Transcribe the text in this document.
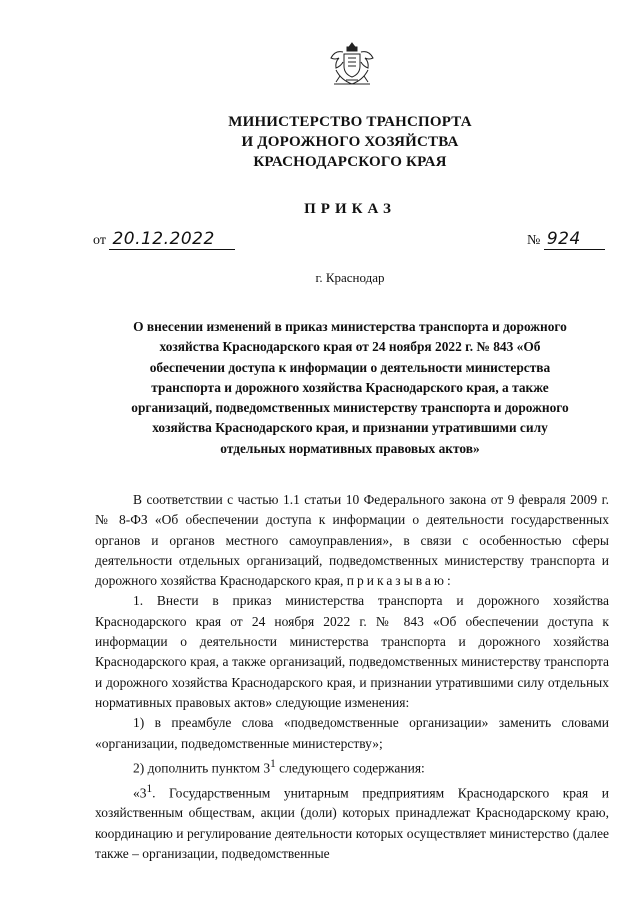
МИНИСТЕРСТВО ТРАНСПОРТА
И ДОРОЖНОГО ХОЗЯЙСТВА
КРАСНОДАРСКОГО КРАЯ
ПРИКАЗ
от 20.12.2022	№ 924
г. Краснодар
О внесении изменений в приказ министерства транспорта и дорожного хозяйства Краснодарского края от 24 ноября 2022 г. № 843 «Об обеспечении доступа к информации о деятельности министерства транспорта и дорожного хозяйства Краснодарского края, а также организаций, подведомственных министерству транспорта и дорожного хозяйства Краснодарского края, и признании утратившими силу отдельных нормативных правовых актов»

В соответствии с частью 1.1 статьи 10 Федерального закона от 9 февраля 2009 г. № 8-ФЗ «Об обеспечении доступа к информации о деятельности государственных органов и органов местного самоуправления», в связи с особенностью сферы деятельности отдельных организаций, подведомственных министерству транспорта и дорожного хозяйства Краснодарского края, приказываю:

1. Внести в приказ министерства транспорта и дорожного хозяйства Краснодарского края от 24 ноября 2022 г. № 843 «Об обеспечении доступа к информации о деятельности министерства транспорта и дорожного хозяйства Краснодарского края, а также организаций, подведомственных министерству транспорта и дорожного хозяйства Краснодарского края, и признании утратившими силу отдельных нормативных правовых актов» следующие изменения:

1) в преамбуле слова «подведомственные организации» заменить словами «организации, подведомственные министерству»;

2) дополнить пунктом $3^1$ следующего содержания:

«$3^1$. Государственным унитарным предприятиям Краснодарского края и хозяйственным обществам, акции (доли) которых принадлежат Краснодарскому краю, координацию и регулирование деятельности которых осуществляет министерство (далее также – организации, подведомственные
